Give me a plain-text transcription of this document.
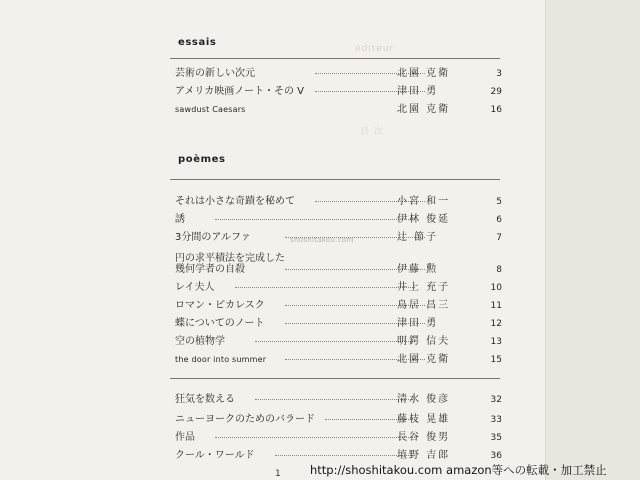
editeur
目 次
essais
芸術の新しい次元	北園 克衛	3
アメリカ映画ノート・その V	津田 勇	29
sawdust Caesars	北園 克衛	16
poèmes
それは小さな奇蹟を秘めて	小宮 和一	5
誘	伊林 俊延	6
3分間のアルファ	辻 節子	7
shoshitakou.com
円の求平積法を完成した
幾何学者の自殺	伊藤 勲	8
レイ夫人	井上 充子	10
ロマン・ピカレスク	鳥居 昌三	11
蝶についてのノート	津田 勇	12
空の植物学	明鍔 信夫	13
the door into summer	北園 克衛	15
狂気を数える	清水 俊彦	32
ニューヨークのためのバラード	藤枝 晃雄	33
作品	長谷 俊男	35
クール・ワールド	埴野 吉郎	36
1	http://shoshitakou.com amazon等への転載・加工禁止
